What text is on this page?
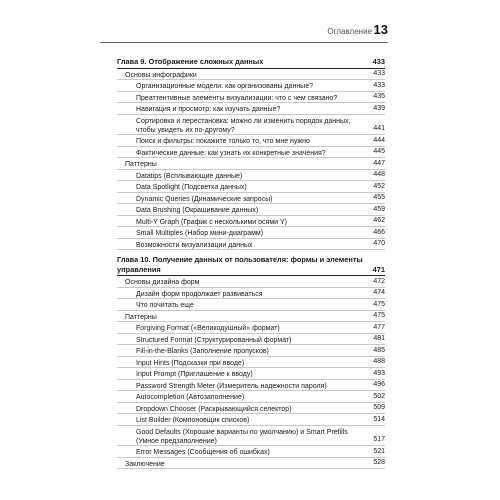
Оглавление 13
Глава 9. Отображение сложных данных	433
Основы инфографики	433
Организационные модели: как организованы данные?	433
Преаттентивные элементы визуализации: что с чем связано?	435
Навигация и просмотр: как изучать данные?	439
Сортировка и перестановка: можно ли изменить порядок данных, чтобы увидеть их по-другому?	441
Поиск и фильтры: покажите только то, что мне нужно	444
Фактические данные: как узнать их конкретные значения?	445
Паттерны	447
Datatips (Всплывающие данные)	448
Data Spotlight (Подсветка данных)	452
Dynamic Queries (Динамические запросы)	455
Data Brushing (Окрашивание данных)	459
Multi-Y Graph (График с несколькими осями Y)	462
Small Multiples (Набор мини-диаграмм)	466
Возможности визуализации данных	470
Глава 10. Получение данных от пользователя: формы и элементы управления	471
Основы дизайна форм	472
Дизайн форм продолжает развиваться	474
Что почитать еще	475
Паттерны	475
Forgiving Format («Великодушный» формат)	477
Structured Format (Структурированный формат)	481
Fill-in-the-Blanks (Заполнение пропусков)	485
Input Hints (Подсказки при вводе)	488
Input Prompt (Приглашение к вводу)	493
Password Strength Meter (Измеритель надежности пароля)	496
Autocompletion (Автозаполнение)	502
Dropdown Chooser (Раскрывающийся селектор)	509
List Builder (Компоновщик списков)	514
Good Defaults (Хорошие варианты по умолчанию) и Smart Prefills (Умное предзаполнение)	517
Error Messages (Сообщения об ошибках)	521
Заключение	528
